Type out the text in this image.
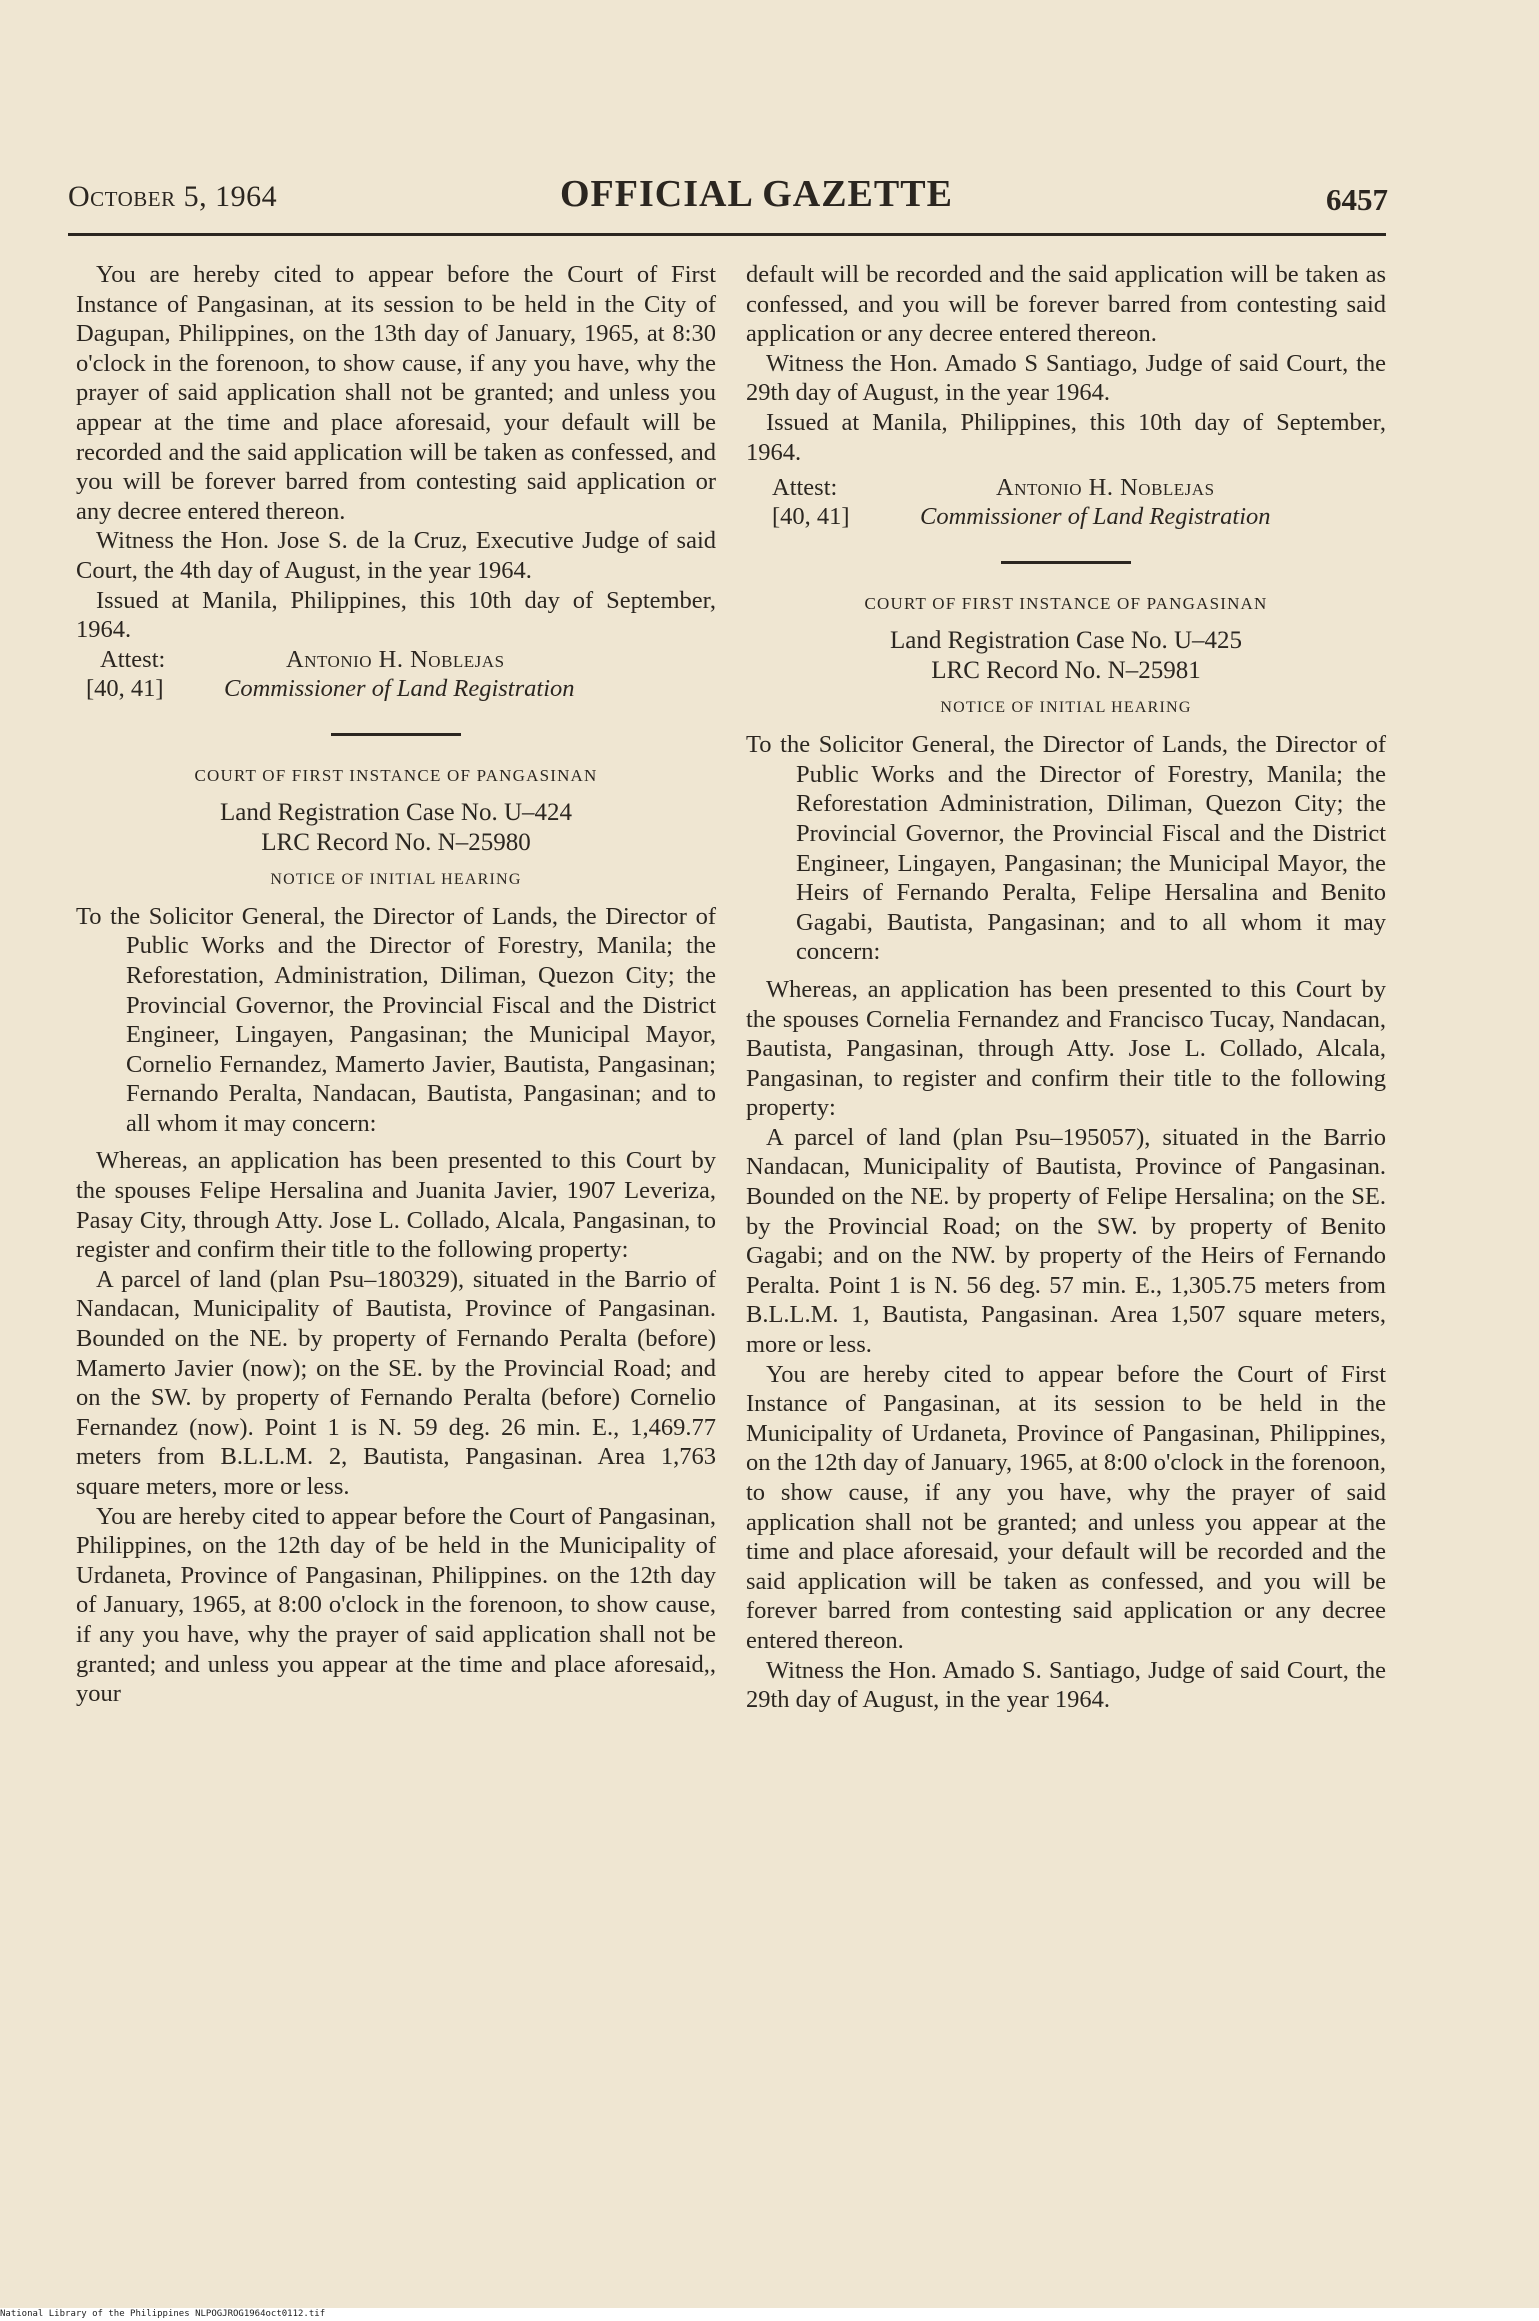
October 5, 1964	OFFICIAL GAZETTE	6457

You are hereby cited to appear before the Court of First Instance of Pangasinan, at its session to be held in the City of Dagupan, Philippines, on the 13th day of January, 1965, at 8:30 o'clock in the forenoon, to show cause, if any you have, why the prayer of said application shall not be granted; and unless you appear at the time and place aforesaid, your default will be recorded and the said application will be taken as confessed, and you will be forever barred from contesting said application or any decree entered thereon.

Witness the Hon. Jose S. de la Cruz, Executive Judge of said Court, the 4th day of August, in the year 1964.

Issued at Manila, Philippines, this 10th day of September, 1964.

Attest:	Antonio H. Noblejas
[40, 41]	Commissioner of Land Registration
COURT OF FIRST INSTANCE OF PANGASINAN
Land Registration Case No. U–424
LRC Record No. N–25980
NOTICE OF INITIAL HEARING

To the Solicitor General, the Director of Lands, the Director of Public Works and the Director of Forestry, Manila; the Reforestation, Administration, Diliman, Quezon City; the Provincial Governor, the Provincial Fiscal and the District Engineer, Lingayen, Pangasinan; the Municipal Mayor, Cornelio Fernandez, Mamerto Javier, Bautista, Pangasinan; Fernando Peralta, Nandacan, Bautista, Pangasinan; and to all whom it may concern:

Whereas, an application has been presented to this Court by the spouses Felipe Hersalina and Juanita Javier, 1907 Leveriza, Pasay City, through Atty. Jose L. Collado, Alcala, Pangasinan, to register and confirm their title to the following property:

A parcel of land (plan Psu–180329), situated in the Barrio of Nandacan, Municipality of Bautista, Province of Pangasinan. Bounded on the NE. by property of Fernando Peralta (before) Mamerto Javier (now); on the SE. by the Provincial Road; and on the SW. by property of Fernando Peralta (before) Cornelio Fernandez (now). Point 1 is N. 59 deg. 26 min. E., 1,469.77 meters from B.L.L.M. 2, Bautista, Pangasinan. Area 1,763 square meters, more or less.

You are hereby cited to appear before the Court of Pangasinan, Philippines, on the 12th day of be held in the Municipality of Urdaneta, Province of Pangasinan, Philippines. on the 12th day of January, 1965, at 8:00 o'clock in the forenoon, to show cause, if any you have, why the prayer of said application shall not be granted; and unless you appear at the time and place aforesaid,, your

default will be recorded and the said application will be taken as confessed, and you will be forever barred from contesting said application or any decree entered thereon.

Witness the Hon. Amado S Santiago, Judge of said Court, the 29th day of August, in the year 1964.

Issued at Manila, Philippines, this 10th day of September, 1964.

Attest:	Antonio H. Noblejas
[40, 41]	Commissioner of Land Registration
COURT OF FIRST INSTANCE OF PANGASINAN
Land Registration Case No. U–425
LRC Record No. N–25981
NOTICE OF INITIAL HEARING

To the Solicitor General, the Director of Lands, the Director of Public Works and the Director of Forestry, Manila; the Reforestation Administration, Diliman, Quezon City; the Provincial Governor, the Provincial Fiscal and the District Engineer, Lingayen, Pangasinan; the Municipal Mayor, the Heirs of Fernando Peralta, Felipe Hersalina and Benito Gagabi, Bautista, Pangasinan; and to all whom it may concern:

Whereas, an application has been presented to this Court by the spouses Cornelia Fernandez and Francisco Tucay, Nandacan, Bautista, Pangasinan, through Atty. Jose L. Collado, Alcala, Pangasinan, to register and confirm their title to the following property:

A parcel of land (plan Psu–195057), situated in the Barrio Nandacan, Municipality of Bautista, Province of Pangasinan. Bounded on the NE. by property of Felipe Hersalina; on the SE. by the Provincial Road; on the SW. by property of Benito Gagabi; and on the NW. by property of the Heirs of Fernando Peralta. Point 1 is N. 56 deg. 57 min. E., 1,305.75 meters from B.L.L.M. 1, Bautista, Pangasinan. Area 1,507 square meters, more or less.

You are hereby cited to appear before the Court of First Instance of Pangasinan, at its session to be held in the Municipality of Urdaneta, Province of Pangasinan, Philippines, on the 12th day of January, 1965, at 8:00 o'clock in the forenoon, to show cause, if any you have, why the prayer of said application shall not be granted; and unless you appear at the time and place aforesaid, your default will be recorded and the said application will be taken as confessed, and you will be forever barred from contesting said application or any decree entered thereon.

Witness the Hon. Amado S. Santiago, Judge of said Court, the 29th day of August, in the year 1964.

National Library of the Philippines NLPOGJROG1964oct0112.tif
